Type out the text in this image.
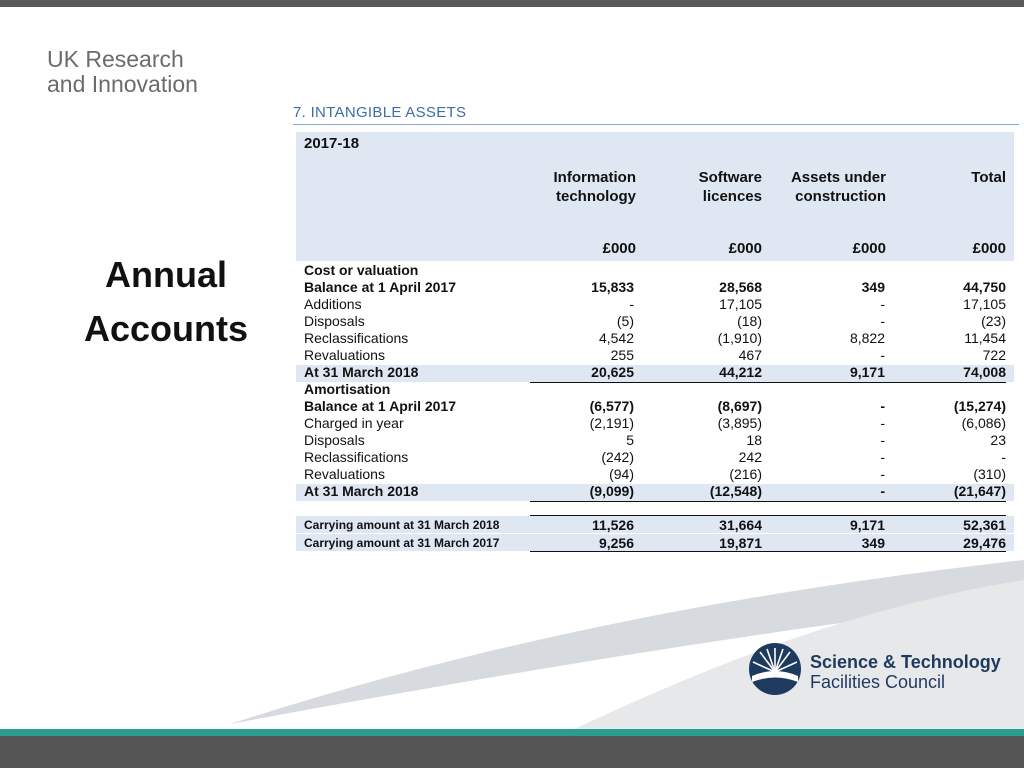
UK Research
and Innovation
Annual
Accounts
7. INTANGIBLE ASSETS
2017-18
Information
technology
Software
licences
Assets under
construction
Total
£000	£000	£000	£000
Cost or valuation
Balance at 1 April 2017	15,833	28,568	349	44,750
Additions	-	17,105	-	17,105
Disposals	(5)	(18)	-	(23)
Reclassifications	4,542	(1,910)	8,822	11,454
Revaluations	255	467	-	722
At 31 March 2018	20,625	44,212	9,171	74,008
Amortisation
Balance at 1 April 2017	(6,577)	(8,697)	-	(15,274)
Charged in year	(2,191)	(3,895)	-	(6,086)
Disposals	5	18	-	23
Reclassifications	(242)	242	-	-
Revaluations	(94)	(216)	-	(310)
At 31 March 2018	(9,099)	(12,548)	-	(21,647)
Carrying amount at 31 March 2018	11,526	31,664	9,171	52,361
Carrying amount at 31 March 2017	9,256	19,871	349	29,476
Science & Technology
Facilities Council
